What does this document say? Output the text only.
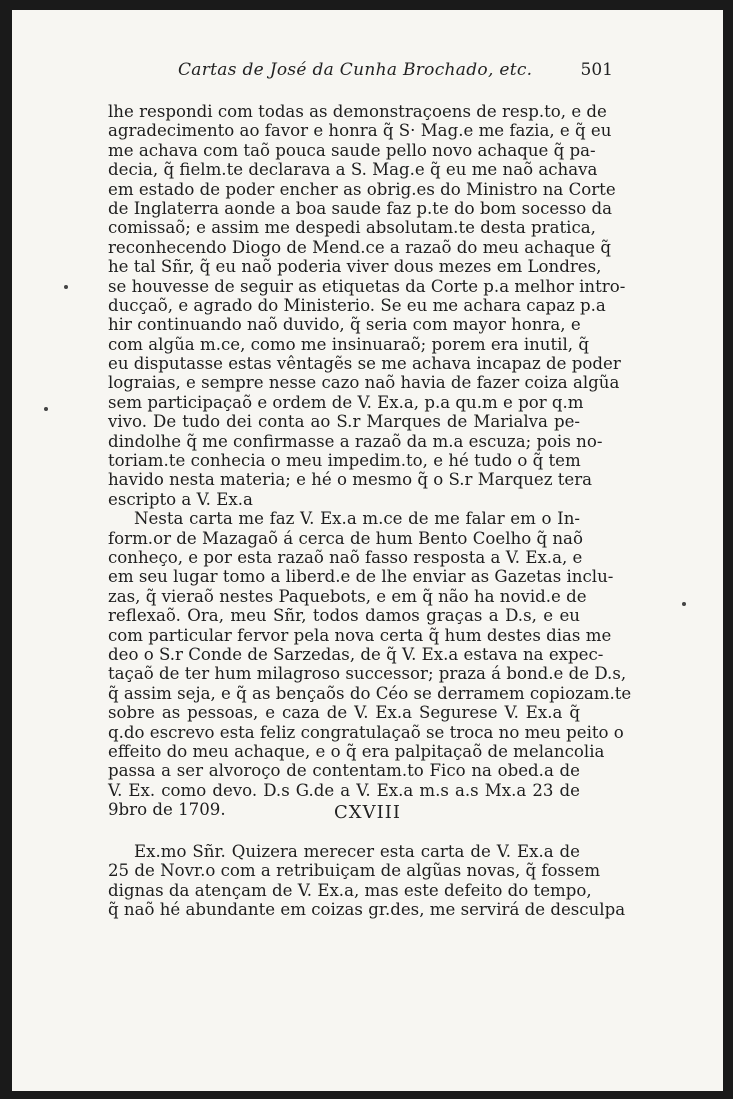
Cartas de José da Cunha Brochado, etc.	501
lhe respondi com todas as demonstraçoens de resp.to, e de
agradecimento ao favor e honra q̃ S· Mag.e me fazia, e q̃ eu
me achava com taõ pouca saude pello novo achaque q̃ pa-
decia, q̃ fielm.te declarava a S. Mag.e q̃ eu me naõ achava
em estado de poder encher as obrig.es do Ministro na Corte
de Inglaterra aonde a boa saude faz p.te do bom socesso da
comissaõ; e assim me despedi absolutam.te desta pratica,
reconhecendo Diogo de Mend.ce a razaõ do meu achaque q̃
he tal Sñr, q̃ eu naõ poderia viver dous mezes em Londres,
se houvesse de seguir as etiquetas da Corte p.a melhor intro-
ducçaõ, e agrado do Ministerio. Se eu me achara capaz p.a
hir continuando naõ duvido, q̃ seria com mayor honra, e
com algũa m.ce, como me insinuaraõ; porem era inutil, q̃
eu disputasse estas vêntagẽs se me achava incapaz de poder
lograias, e sempre nesse cazo naõ havia de fazer coiza algũa
sem participaçaõ e ordem de V. Ex.a, p.a qu.m e por q.m
vivo. De tudo dei conta ao S.r Marques de Marialva pe-
dindolhe q̃ me confirmasse a razaõ da m.a escuza; pois no-
toriam.te conhecia o meu impedim.to, e hé tudo o q̃ tem
havido nesta materia; e hé o mesmo q̃ o S.r Marquez tera
escripto a V. Ex.a
Nesta carta me faz V. Ex.a m.ce de me falar em o In-
form.or de Mazagaõ á cerca de hum Bento Coelho q̃ naõ
conheço, e por esta razaõ naõ fasso resposta a V. Ex.a, e
em seu lugar tomo a liberd.e de lhe enviar as Gazetas inclu-
zas, q̃ vieraõ nestes Paquebots, e em q̃ não ha novid.e de
reflexaõ. Ora, meu Sñr, todos damos graças a D.s, e eu
com particular fervor pela nova certa q̃ hum destes dias me
deo o S.r Conde de Sarzedas, de q̃ V. Ex.a estava na expec-
taçaõ de ter hum milagroso successor; praza á bond.e de D.s,
q̃ assim seja, e q̃ as bençaõs do Céo se derramem copiozam.te
sobre as pessoas, e caza de V. Ex.a Segurese V. Ex.a q̃
q.do escrevo esta feliz congratulaçaõ se troca no meu peito o
effeito do meu achaque, e o q̃ era palpitaçaõ de melancolia
passa a ser alvoroço de contentam.to Fico na obed.a de
V. Ex. como devo. D.s G.de a V. Ex.a m.s a.s Mx.a 23 de
9bro de 1709.	CXVIII
Ex.mo Sñr. Quizera merecer esta carta de V. Ex.a de
25 de Novr.o com a retribuiçam de algũas novas, q̃ fossem
dignas da atençam de V. Ex.a, mas este defeito do tempo,
q̃ naõ hé abundante em coizas gr.des, me servirá de desculpa
